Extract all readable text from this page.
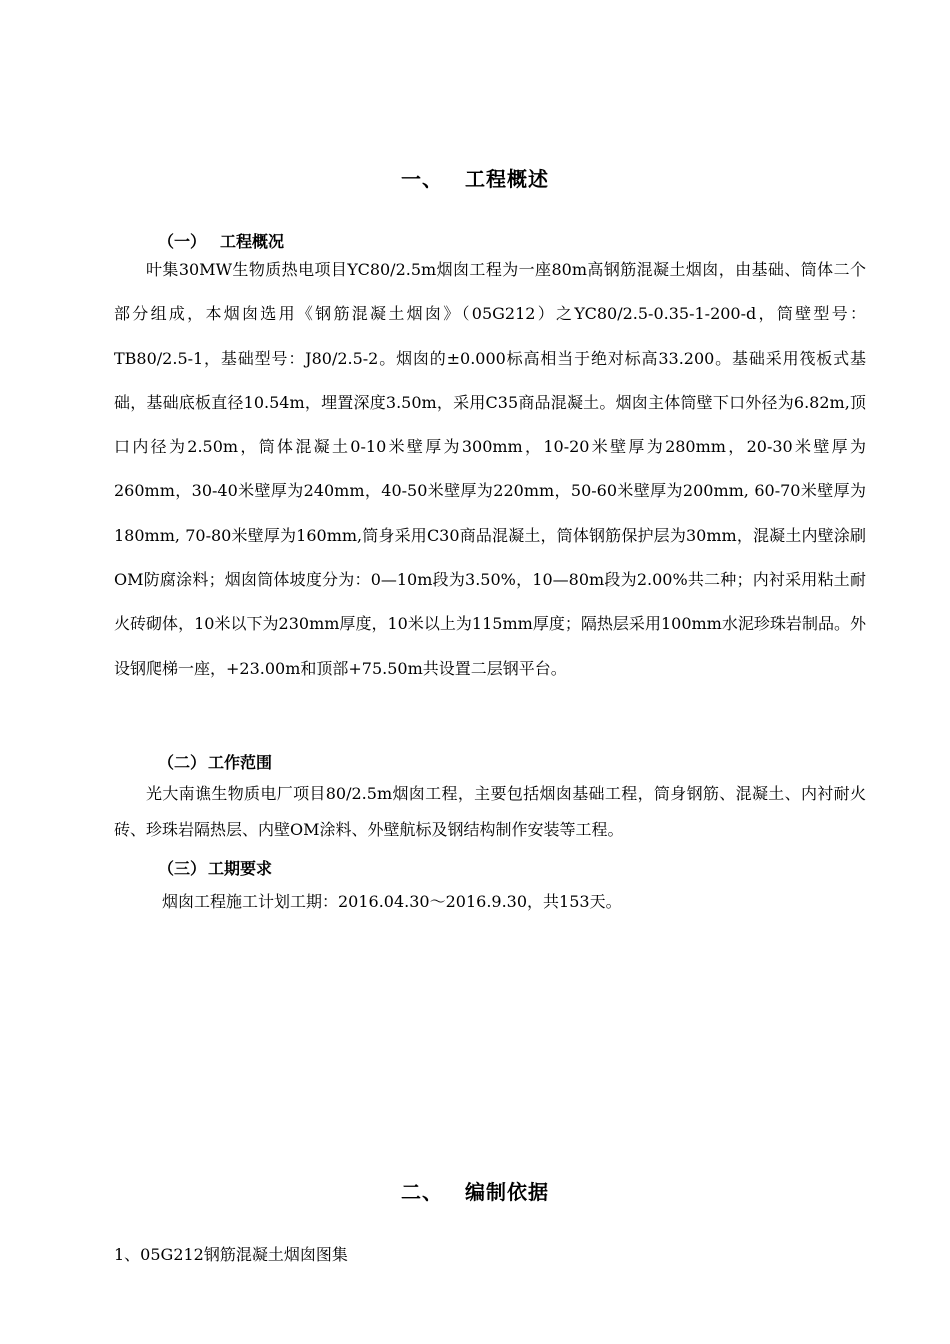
一、 工程概述
（一） 工程概况
叶集30MW生物质热电项目YC80/2.5m烟囱工程为一座80m高钢筋混凝土烟囱，由基础、筒体二个部分组成，本烟囱选用《钢筋混凝土烟囱》（05G212）之YC80/2.5-0.35-1-200-d，筒壁型号：TB80/2.5-1，基础型号：J80/2.5-2。烟囱的±0.000标高相当于绝对标高33.200。基础采用筏板式基础，基础底板直径10.54m，埋置深度3.50m，采用C35商品混凝土。烟囱主体筒壁下口外径为6.82m,顶口内径为2.50m，筒体混凝土0-10米壁厚为300mm，10-20米壁厚为280mm，20-30米壁厚为260mm，30-40米壁厚为240mm，40-50米壁厚为220mm，50-60米壁厚为200mm, 60-70米壁厚为180mm, 70-80米壁厚为160mm,筒身采用C30商品混凝土，筒体钢筋保护层为30mm，混凝土内壁涂刷OM防腐涂料；烟囱筒体坡度分为：0—10m段为3.50%，10—80m段为2.00%共二种；内衬采用粘土耐火砖砌体，10米以下为230mm厚度，10米以上为115mm厚度；隔热层采用100mm水泥珍珠岩制品。外设钢爬梯一座，+23.00m和顶部+75.50m共设置二层钢平台。
（二） 工作范围
光大南谯生物质电厂项目80/2.5m烟囱工程，主要包括烟囱基础工程，筒身钢筋、混凝土、内衬耐火砖、珍珠岩隔热层、内壁OM涂料、外壁航标及钢结构制作安装等工程。
（三） 工期要求
烟囱工程施工计划工期：2016.04.30～2016.9.30，共153天。
二、 编制依据
1、05G212钢筋混凝土烟囱图集
